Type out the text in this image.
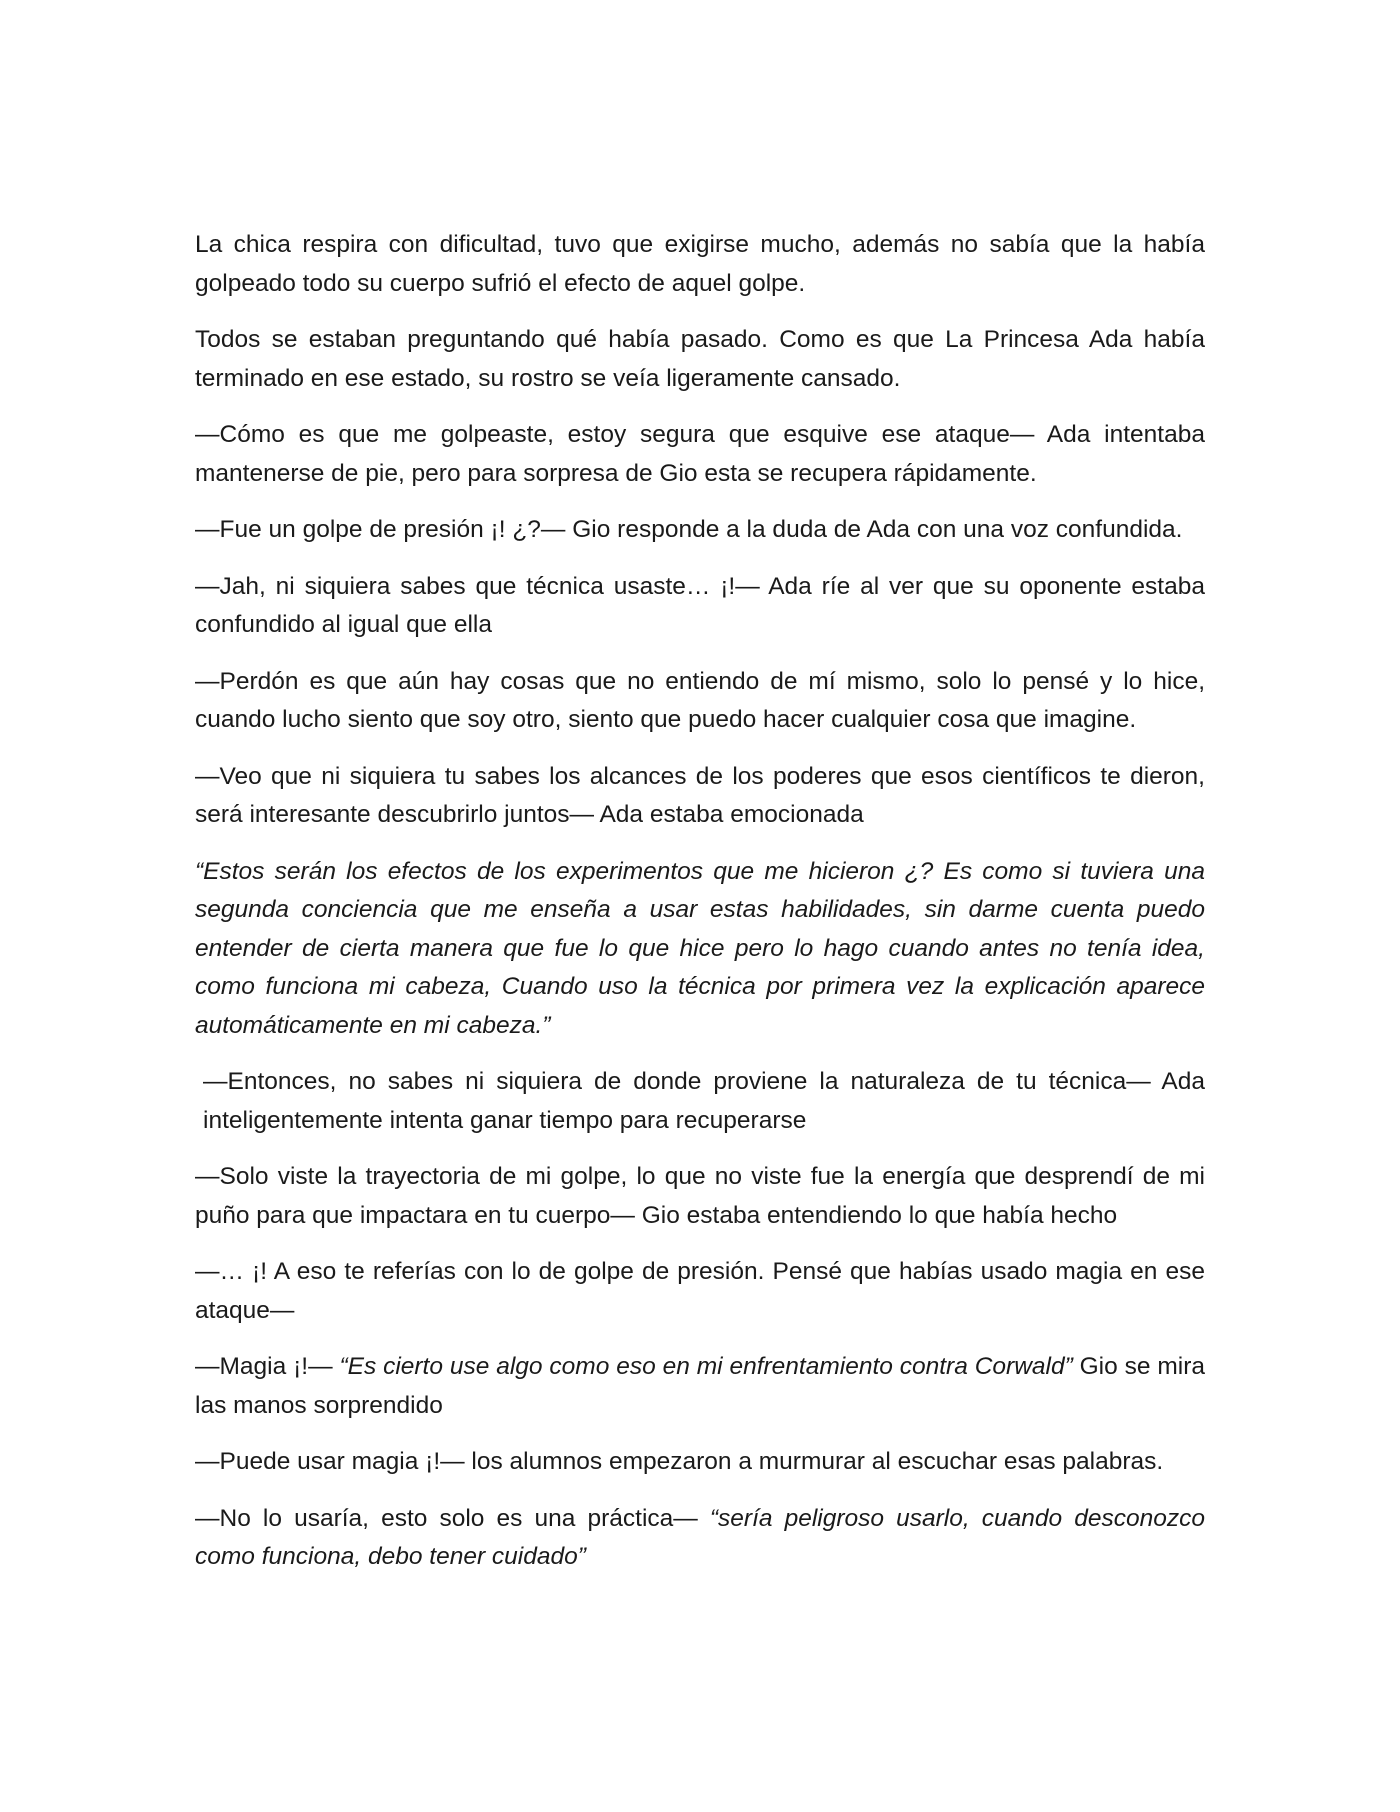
La chica respira con dificultad, tuvo que exigirse mucho, además no sabía que la había golpeado todo su cuerpo sufrió el efecto de aquel golpe.

Todos se estaban preguntando qué había pasado. Como es que La Princesa Ada había terminado en ese estado, su rostro se veía ligeramente cansado.

—Cómo es que me golpeaste, estoy segura que esquive ese ataque— Ada intentaba mantenerse de pie, pero para sorpresa de Gio esta se recupera rápidamente.

—Fue un golpe de presión ¡! ¿?— Gio responde a la duda de Ada con una voz confundida.

—Jah, ni siquiera sabes que técnica usaste… ¡!— Ada ríe al ver que su oponente estaba confundido al igual que ella

—Perdón es que aún hay cosas que no entiendo de mí mismo, solo lo pensé y lo hice, cuando lucho siento que soy otro, siento que puedo hacer cualquier cosa que imagine.

—Veo que ni siquiera tu sabes los alcances de los poderes que esos científicos te dieron, será interesante descubrirlo juntos— Ada estaba emocionada

“Estos serán los efectos de los experimentos que me hicieron ¿? Es como si tuviera una segunda conciencia que me enseña a usar estas habilidades, sin darme cuenta puedo entender de cierta manera que fue lo que hice pero lo hago cuando antes no tenía idea, como funciona mi cabeza, Cuando uso la técnica por primera vez la explicación aparece automáticamente en mi cabeza.”

—Entonces, no sabes ni siquiera de donde proviene la naturaleza de tu técnica— Ada inteligentemente intenta ganar tiempo para recuperarse

—Solo viste la trayectoria de mi golpe, lo que no viste fue la energía que desprendí de mi puño para que impactara en tu cuerpo— Gio estaba entendiendo lo que había hecho

—… ¡! A eso te referías con lo de golpe de presión. Pensé que habías usado magia en ese ataque—

—Magia ¡!— “Es cierto use algo como eso en mi enfrentamiento contra Corwald” Gio se mira las manos sorprendido

—Puede usar magia ¡!— los alumnos empezaron a murmurar al escuchar esas palabras.

—No lo usaría, esto solo es una práctica— “sería peligroso usarlo, cuando desconozco como funciona, debo tener cuidado”
